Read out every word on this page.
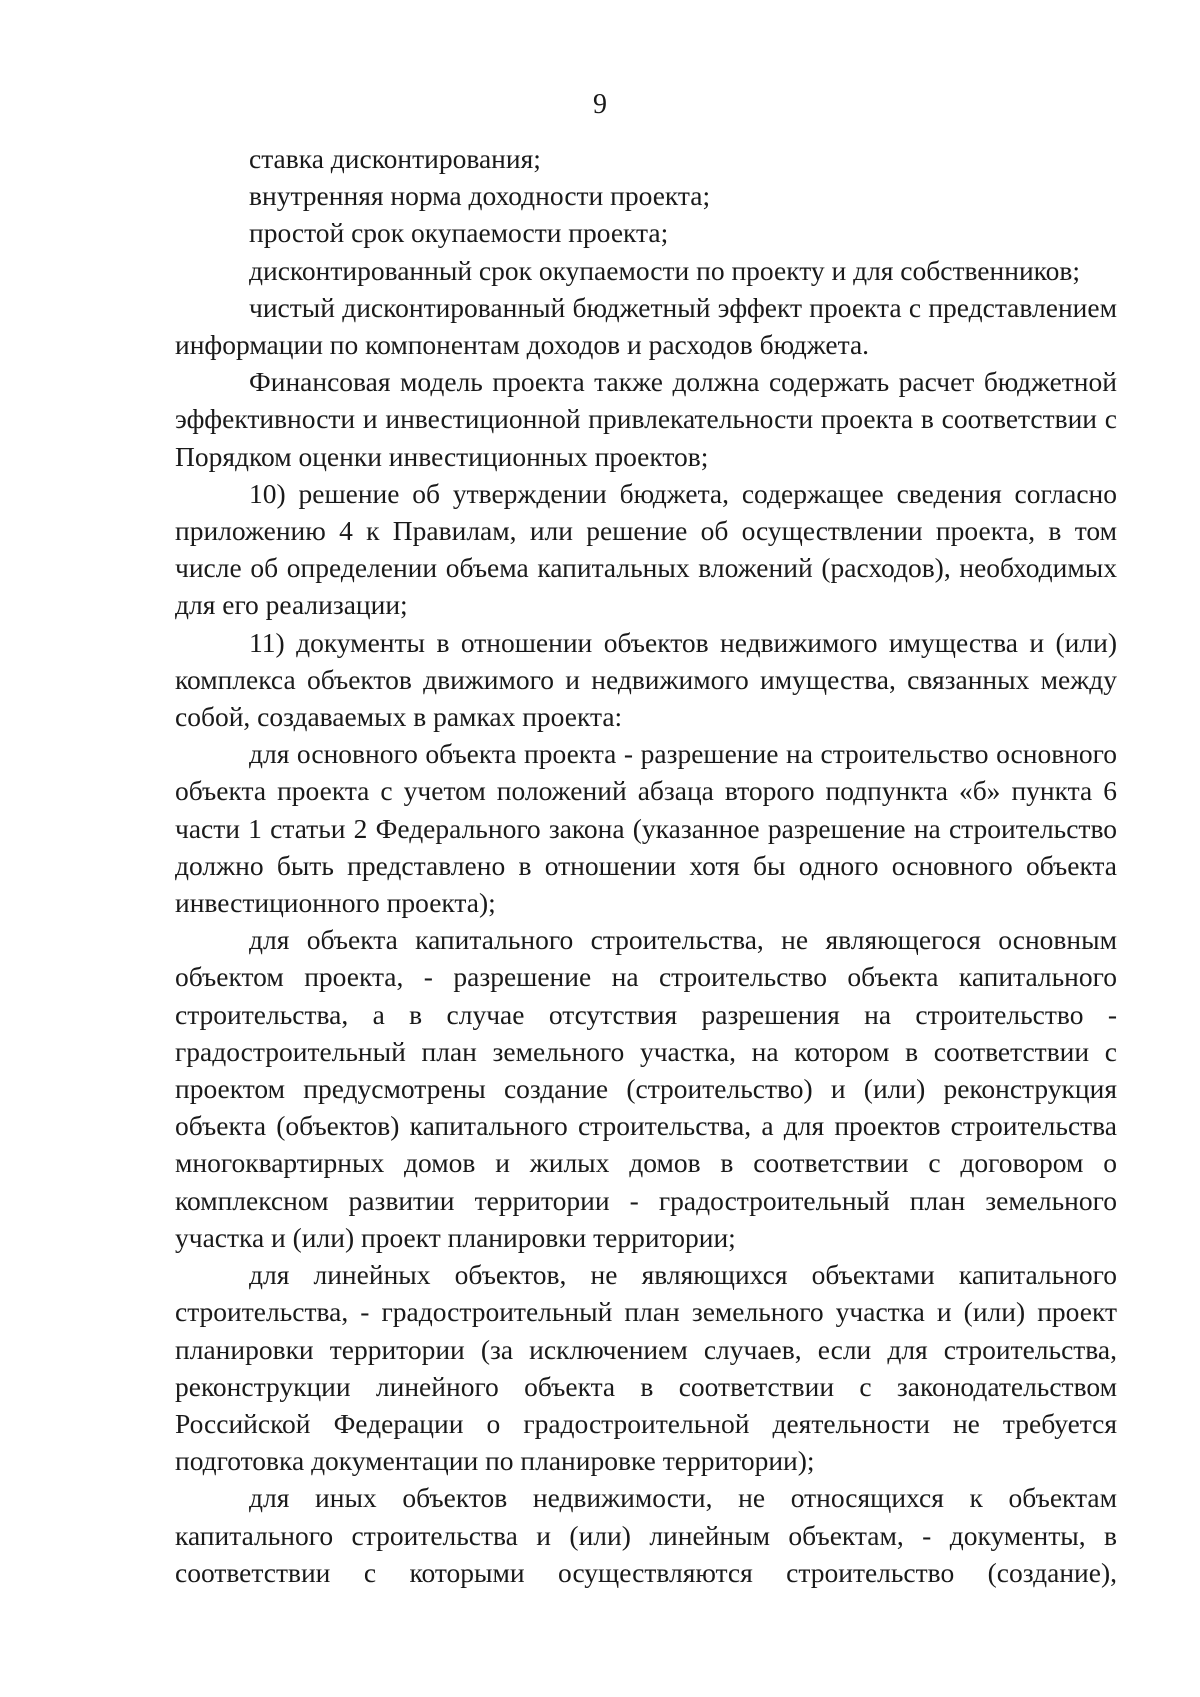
9

ставка дисконтирования;

внутренняя норма доходности проекта;

простой срок окупаемости проекта;

дисконтированный срок окупаемости по проекту и для собственников;

чистый дисконтированный бюджетный эффект проекта с представлением информации по компонентам доходов и расходов бюджета.

Финансовая модель проекта также должна содержать расчет бюджетной эффективности и инвестиционной привлекательности проекта в соответствии с Порядком оценки инвестиционных проектов;

10) решение об утверждении бюджета, содержащее сведения согласно приложению 4 к Правилам, или решение об осуществлении проекта, в том числе об определении объема капитальных вложений (расходов), необходимых для его реализации;

11) документы в отношении объектов недвижимого имущества и (или) комплекса объектов движимого и недвижимого имущества, связанных между собой, создаваемых в рамках проекта:

для основного объекта проекта - разрешение на строительство основного объекта проекта с учетом положений абзаца второго подпункта «б» пункта 6 части 1 статьи 2 Федерального закона (указанное разрешение на строительство должно быть представлено в отношении хотя бы одного основного объекта инвестиционного проекта);

для объекта капитального строительства, не являющегося основным объектом проекта, - разрешение на строительство объекта капитального строительства, а в случае отсутствия разрешения на строительство - градостроительный план земельного участка, на котором в соответствии с проектом предусмотрены создание (строительство) и (или) реконструкция объекта (объектов) капитального строительства, а для проектов строительства многоквартирных домов и жилых домов в соответствии с договором о комплексном развитии территории - градостроительный план земельного участка и (или) проект планировки территории;

для линейных объектов, не являющихся объектами капитального строительства, - градостроительный план земельного участка и (или) проект планировки территории (за исключением случаев, если для строительства, реконструкции линейного объекта в соответствии с законодательством Российской Федерации о градостроительной деятельности не требуется подготовка документации по планировке территории);

для иных объектов недвижимости, не относящихся к объектам капитального строительства и (или) линейным объектам, - документы, в соответствии с которыми осуществляются строительство (создание),
